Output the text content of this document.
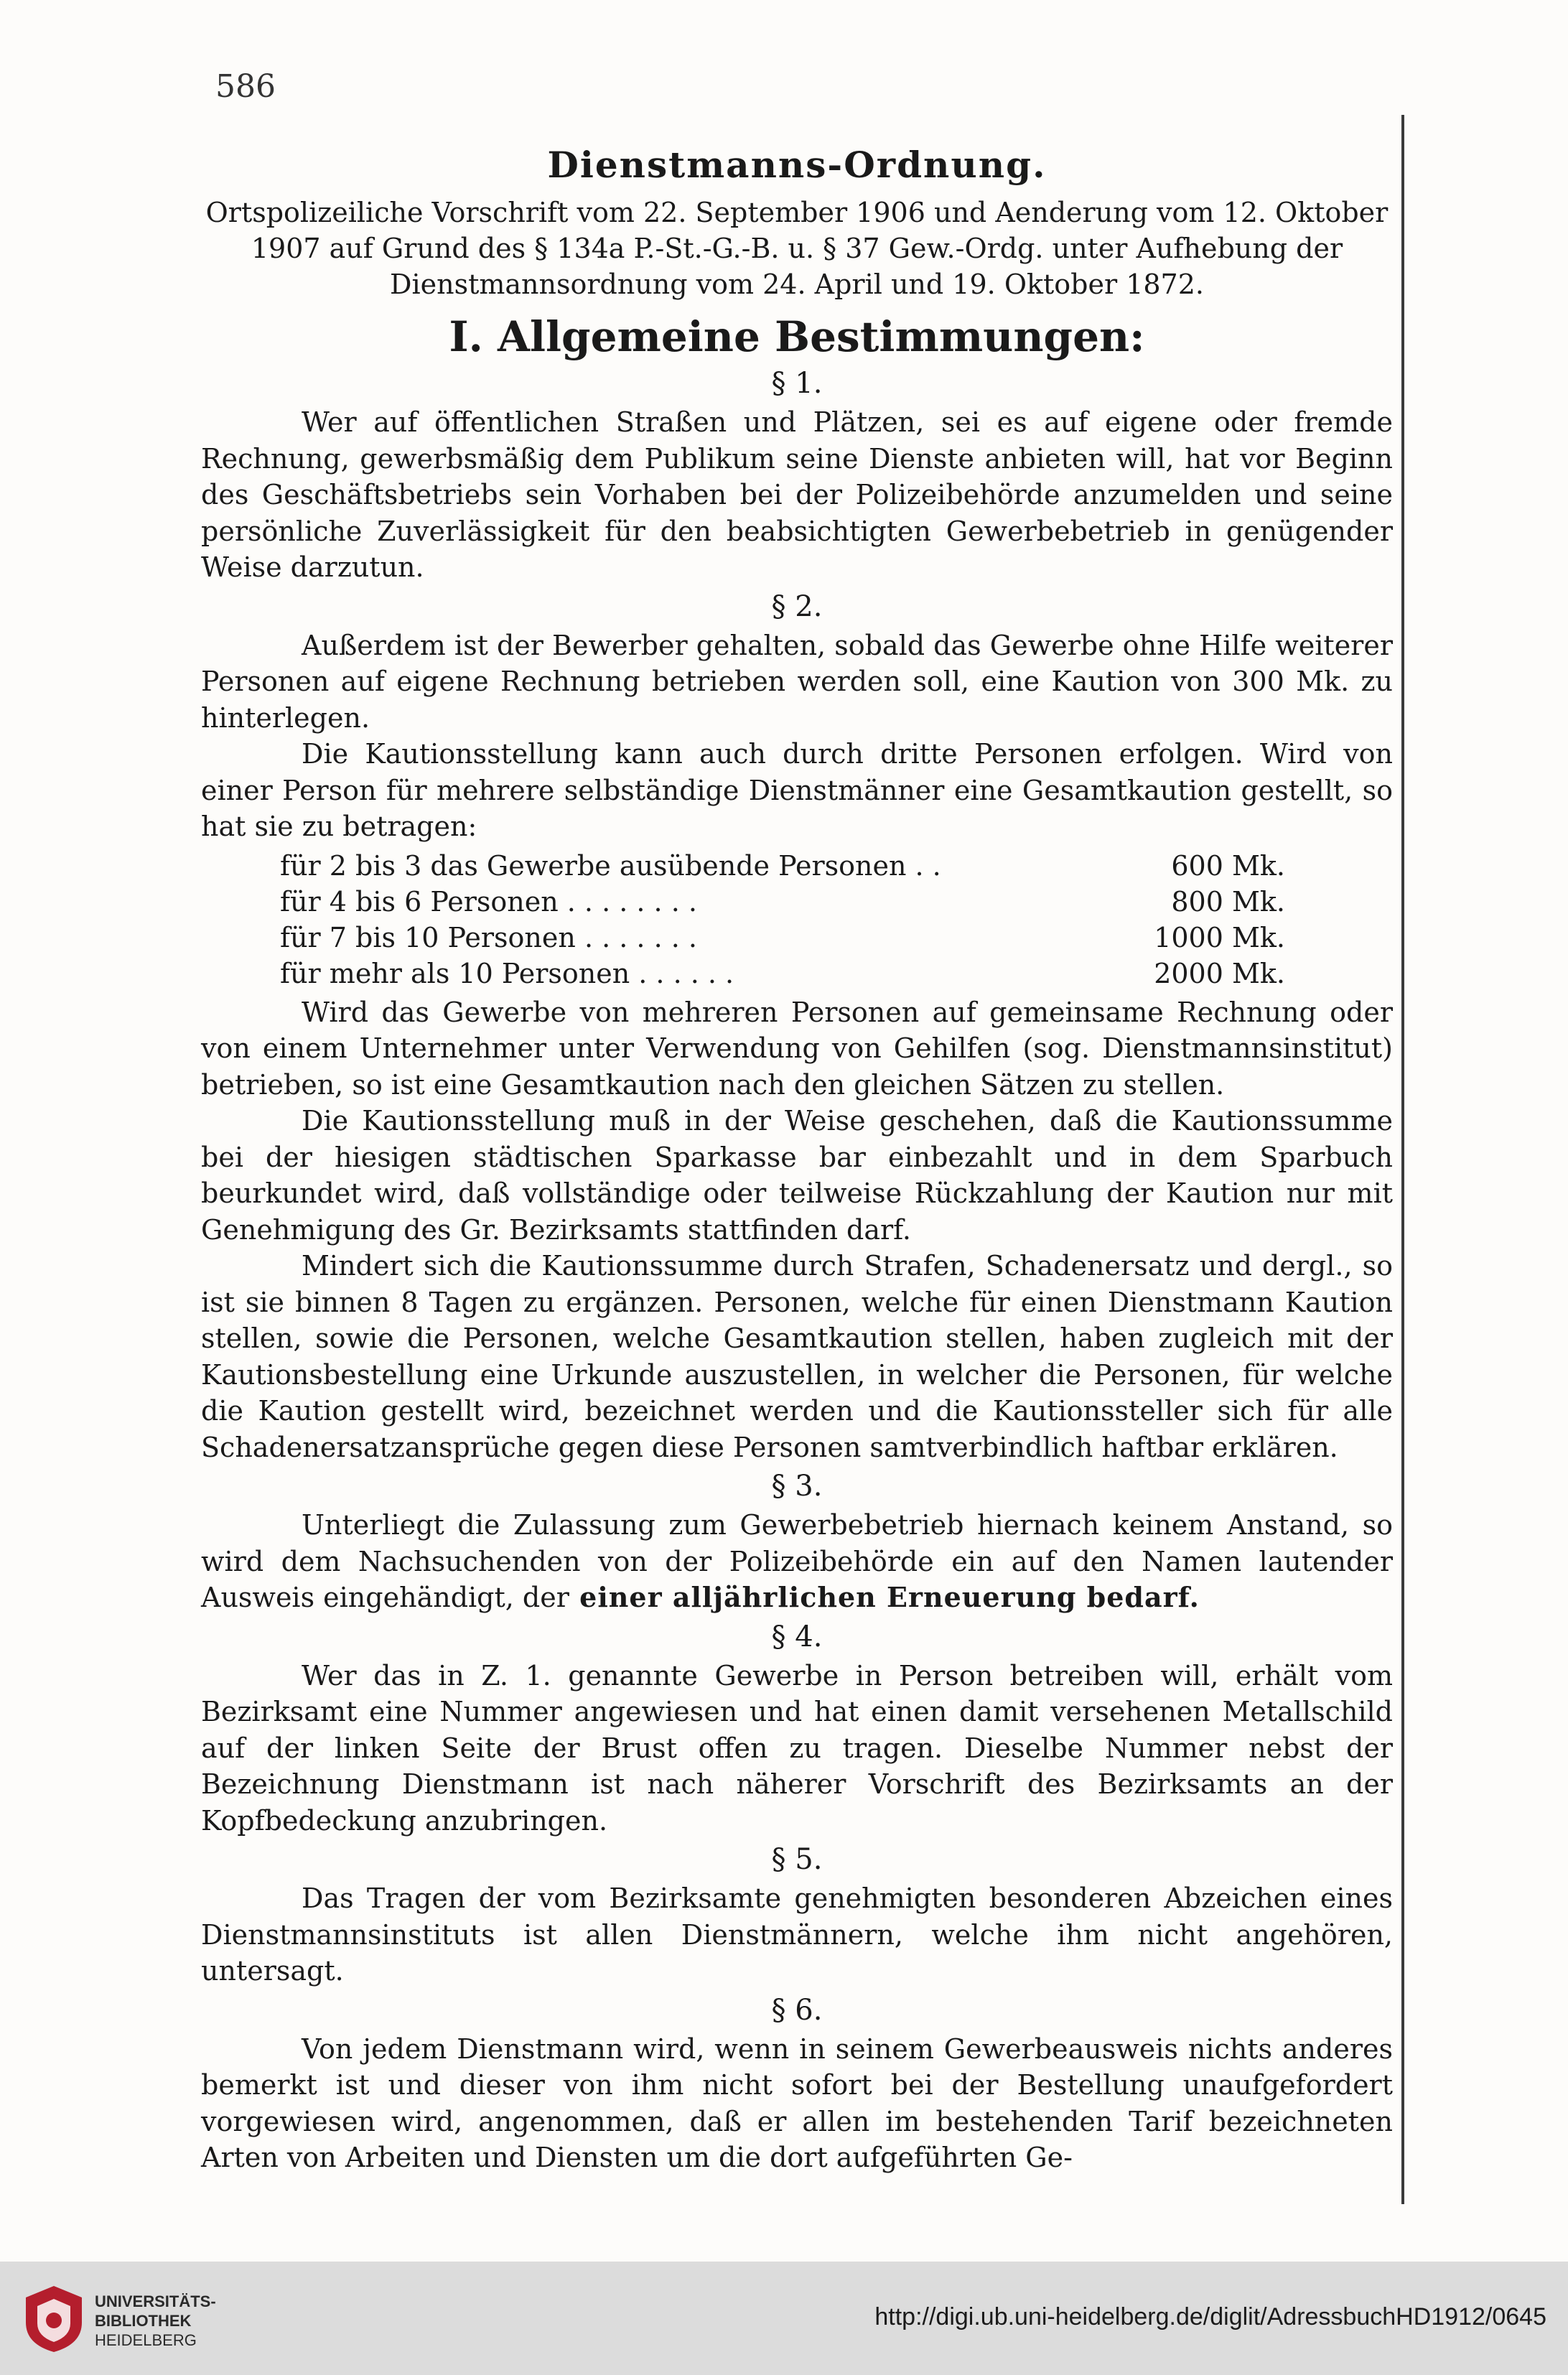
586
Dienstmanns-Ordnung.
Ortspolizeiliche Vorschrift vom 22. September 1906 und Aenderung vom 12. Oktober 1907 auf Grund des § 134a P.-St.-G.-B. u. § 37 Gew.-Ordg. unter Aufhebung der Dienstmannsordnung vom 24. April und 19. Oktober 1872.
I. Allgemeine Bestimmungen:
§ 1.

Wer auf öffentlichen Straßen und Plätzen, sei es auf eigene oder fremde Rechnung, gewerbsmäßig dem Publikum seine Dienste anbieten will, hat vor Beginn des Geschäftsbetriebs sein Vorhaben bei der Polizeibehörde anzumelden und seine persönliche Zuverlässigkeit für den beabsichtigten Gewerbebetrieb in genügender Weise darzutun.

§ 2.

Außerdem ist der Bewerber gehalten, sobald das Gewerbe ohne Hilfe weiterer Personen auf eigene Rechnung betrieben werden soll, eine Kaution von 300 Mk. zu hinterlegen.

Die Kautionsstellung kann auch durch dritte Personen erfolgen. Wird von einer Person für mehrere selbständige Dienstmänner eine Gesamtkaution gestellt, so hat sie zu betragen:

für 2 bis 3 das Gewerbe ausübende Personen . .	600 Mk.
für 4 bis 6 Personen . . . . . . . .	800 Mk.
für 7 bis 10 Personen . . . . . . .	1000 Mk.
für mehr als 10 Personen . . . . . .	2000 Mk.

Wird das Gewerbe von mehreren Personen auf gemeinsame Rechnung oder von einem Unternehmer unter Verwendung von Gehilfen (sog. Dienstmannsinstitut) betrieben, so ist eine Gesamtkaution nach den gleichen Sätzen zu stellen.

Die Kautionsstellung muß in der Weise geschehen, daß die Kautionssumme bei der hiesigen städtischen Sparkasse bar einbezahlt und in dem Sparbuch beurkundet wird, daß vollständige oder teilweise Rückzahlung der Kaution nur mit Genehmigung des Gr. Bezirksamts stattfinden darf.

Mindert sich die Kautionssumme durch Strafen, Schadenersatz und dergl., so ist sie binnen 8 Tagen zu ergänzen. Personen, welche für einen Dienstmann Kaution stellen, sowie die Personen, welche Gesamtkaution stellen, haben zugleich mit der Kautionsbestellung eine Urkunde auszustellen, in welcher die Personen, für welche die Kaution gestellt wird, bezeichnet werden und die Kautionssteller sich für alle Schadenersatzansprüche gegen diese Personen samtverbindlich haftbar erklären.

§ 3.

Unterliegt die Zulassung zum Gewerbebetrieb hiernach keinem Anstand, so wird dem Nachsuchenden von der Polizeibehörde ein auf den Namen lautender Ausweis eingehändigt, der einer alljährlichen Erneuerung bedarf.

§ 4.

Wer das in Z. 1. genannte Gewerbe in Person betreiben will, erhält vom Bezirksamt eine Nummer angewiesen und hat einen damit versehenen Metallschild auf der linken Seite der Brust offen zu tragen. Dieselbe Nummer nebst der Bezeichnung Dienstmann ist nach näherer Vorschrift des Bezirksamts an der Kopfbedeckung anzubringen.

§ 5.

Das Tragen der vom Bezirksamte genehmigten besonderen Abzeichen eines Dienstmannsinstituts ist allen Dienstmännern, welche ihm nicht angehören, untersagt.

§ 6.

Von jedem Dienstmann wird, wenn in seinem Gewerbeausweis nichts anderes bemerkt ist und dieser von ihm nicht sofort bei der Bestellung unaufgefordert vorgewiesen wird, angenommen, daß er allen im bestehenden Tarif bezeichneten Arten von Arbeiten und Diensten um die dort aufgeführten Ge-

UNIVERSITÄTS-
BIBLIOTHEK
HEIDELBERG
http://digi.ub.uni-heidelberg.de/diglit/AdressbuchHD1912/0645
